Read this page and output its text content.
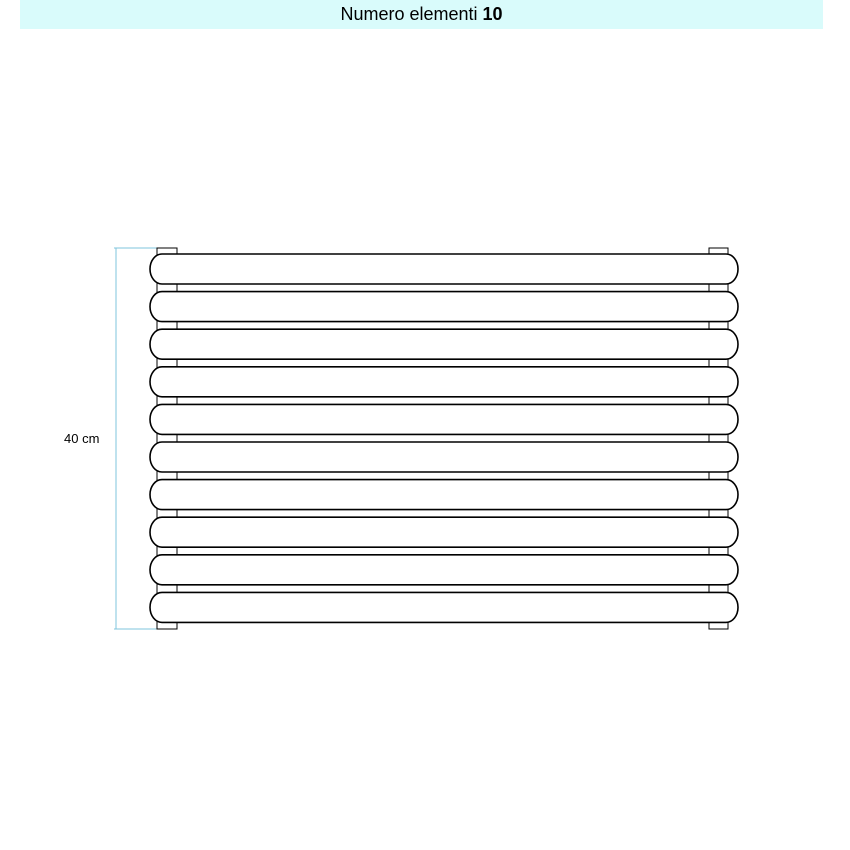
Numero elementi 10
40 cm
